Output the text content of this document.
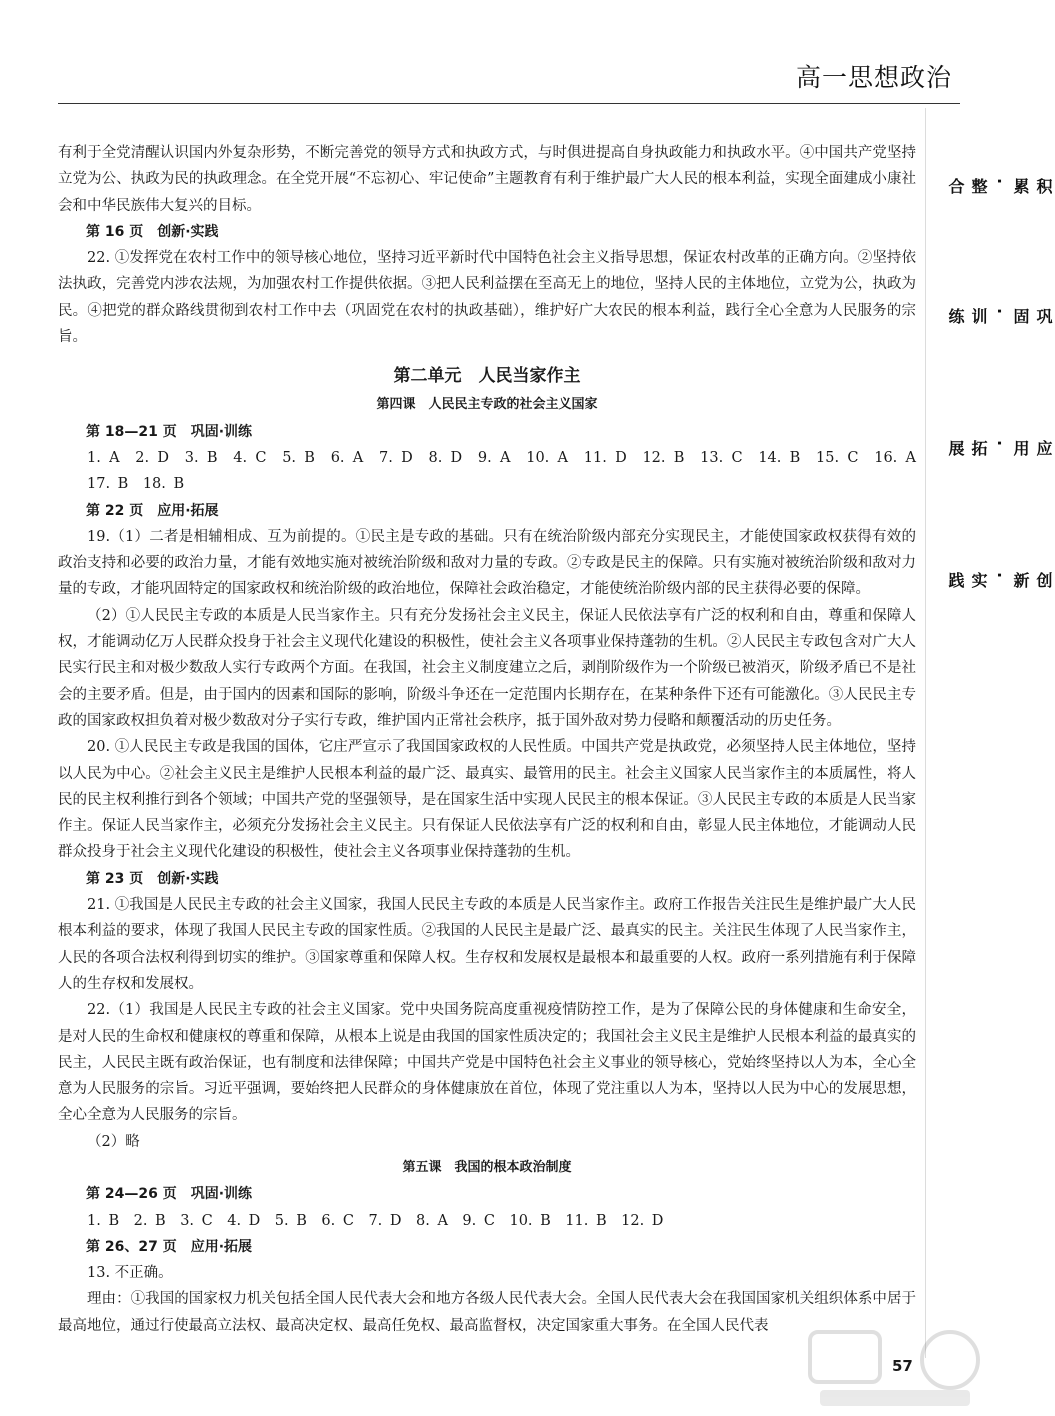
高一思想政治

有利于全党清醒认识国内外复杂形势，不断完善党的领导方式和执政方式，与时俱进提高自身执政能力和执政水平。④中国共产党坚持立党为公、执政为民的执政理念。在全党开展“不忘初心、牢记使命”主题教育有利于维护最广大人民的根本利益，实现全面建成小康社会和中华民族伟大复兴的目标。

第 16 页　创新·实践

22. ①发挥党在农村工作中的领导核心地位，坚持习近平新时代中国特色社会主义指导思想，保证农村改革的正确方向。②坚持依法执政，完善党内涉农法规，为加强农村工作提供依据。③把人民利益摆在至高无上的地位，坚持人民的主体地位，立党为公，执政为民。④把党的群众路线贯彻到农村工作中去（巩固党在农村的执政基础），维护好广大农民的根本利益，践行全心全意为人民服务的宗旨。

第二单元　人民当家作主

第四课　人民民主专政的社会主义国家

第 18—21 页　巩固·训练

1. A　2. D　3. B　4. C　5. B　6. A　7. D　8. D　9. A　10. A　11. D　12. B　13. C　14. B　15. C　16. A　17. B　18. B

第 22 页　应用·拓展

19.（1）二者是相辅相成、互为前提的。①民主是专政的基础。只有在统治阶级内部充分实现民主，才能使国家政权获得有效的政治支持和必要的政治力量，才能有效地实施对被统治阶级和敌对力量的专政。②专政是民主的保障。只有实施对被统治阶级和敌对力量的专政，才能巩固特定的国家政权和统治阶级的政治地位，保障社会政治稳定，才能使统治阶级内部的民主获得必要的保障。

（2）①人民民主专政的本质是人民当家作主。只有充分发扬社会主义民主，保证人民依法享有广泛的权利和自由，尊重和保障人权，才能调动亿万人民群众投身于社会主义现代化建设的积极性，使社会主义各项事业保持蓬勃的生机。②人民民主专政包含对广大人民实行民主和对极少数敌人实行专政两个方面。在我国，社会主义制度建立之后，剥削阶级作为一个阶级已被消灭，阶级矛盾已不是社会的主要矛盾。但是，由于国内的因素和国际的影响，阶级斗争还在一定范围内长期存在，在某种条件下还有可能激化。③人民民主专政的国家政权担负着对极少数敌对分子实行专政，维护国内正常社会秩序，抵于国外敌对势力侵略和颠覆活动的历史任务。

20. ①人民民主专政是我国的国体，它庄严宣示了我国国家政权的人民性质。中国共产党是执政党，必须坚持人民主体地位，坚持以人民为中心。②社会主义民主是维护人民根本利益的最广泛、最真实、最管用的民主。社会主义国家人民当家作主的本质属性，将人民的民主权利推行到各个领域；中国共产党的坚强领导，是在国家生活中实现人民民主的根本保证。③人民民主专政的本质是人民当家作主。保证人民当家作主，必须充分发扬社会主义民主。只有保证人民依法享有广泛的权利和自由，彰显人民主体地位，才能调动人民群众投身于社会主义现代化建设的积极性，使社会主义各项事业保持蓬勃的生机。

第 23 页　创新·实践

21. ①我国是人民民主专政的社会主义国家，我国人民民主专政的本质是人民当家作主。政府工作报告关注民生是维护最广大人民根本利益的要求，体现了我国人民民主专政的国家性质。②我国的人民民主是最广泛、最真实的民主。关注民生体现了人民当家作主，人民的各项合法权利得到切实的维护。③国家尊重和保障人权。生存权和发展权是最根本和最重要的人权。政府一系列措施有利于保障人的生存权和发展权。

22.（1）我国是人民民主专政的社会主义国家。党中央国务院高度重视疫情防控工作，是为了保障公民的身体健康和生命安全，是对人民的生命权和健康权的尊重和保障，从根本上说是由我国的国家性质决定的；我国社会主义民主是维护人民根本利益的最真实的民主，人民民主既有政治保证，也有制度和法律保障；中国共产党是中国特色社会主义事业的领导核心，党始终坚持以人为本，全心全意为人民服务的宗旨。习近平强调，要始终把人民群众的身体健康放在首位，体现了党注重以人为本，坚持以人民为中心的发展思想，全心全意为人民服务的宗旨。

（2）略

第五课　我国的根本政治制度

第 24—26 页　巩固·训练

1. B　2. B　3. C　4. D　5. B　6. C　7. D　8. A　9. C　10. B　11. B　12. D

第 26、27 页　应用·拓展

13. 不正确。

理由：①我国的国家权力机关包括全国人民代表大会和地方各级人民代表大会。全国人民代表大会在我国国家机关组织体系中居于最高地位，通过行使最高立法权、最高决定权、最高任免权、最高监督权，决定国家重大事务。在全国人民代表

积累·整合
巩固·训练
应用·拓展
创新·实践
57
